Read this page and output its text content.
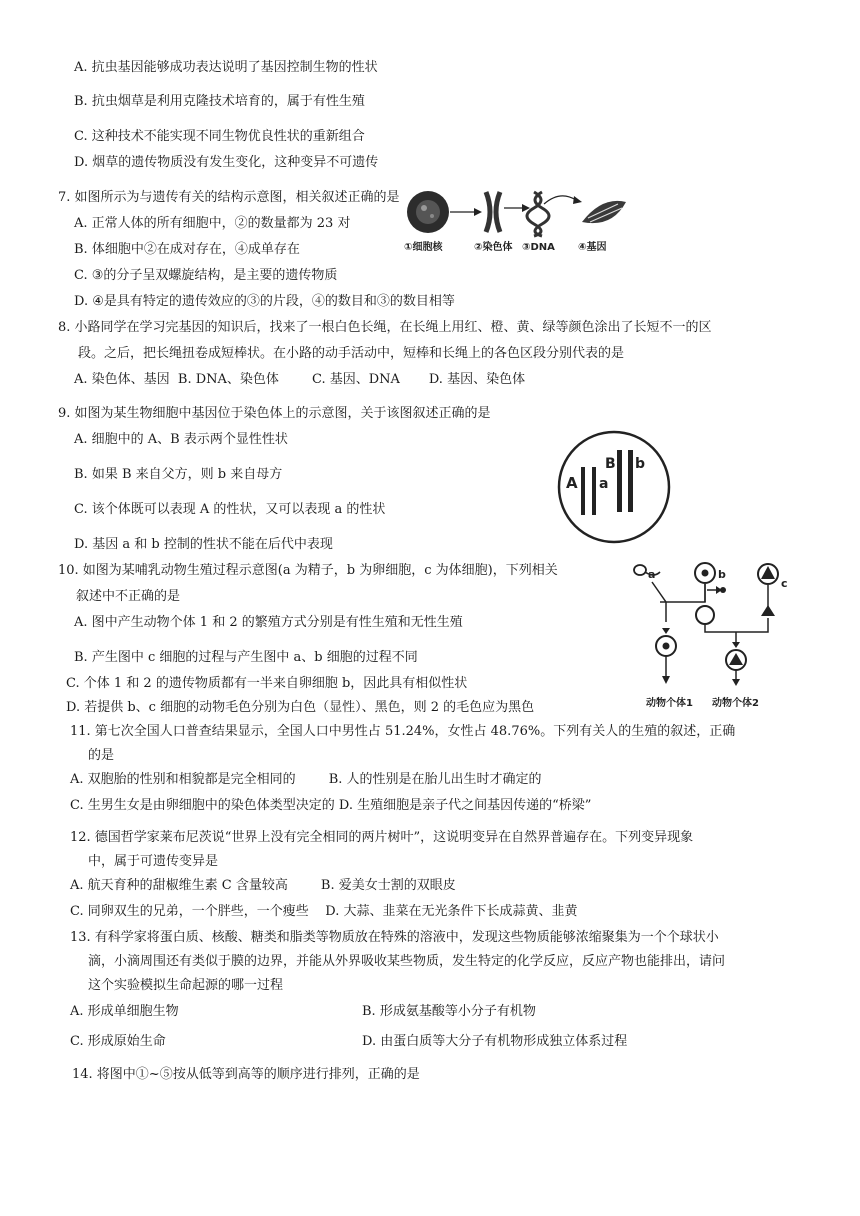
A. 抗虫基因能够成功表达说明了基因控制生物的性状
B. 抗虫烟草是利用克隆技术培育的，属于有性生殖
C. 这种技术不能实现不同生物优良性状的重新组合
D. 烟草的遗传物质没有发生变化，这种变异不可遗传
7. 如图所示为与遗传有关的结构示意图，相关叙述正确的是
A. 正常人体的所有细胞中，②的数量都为 23 对
B. 体细胞中②在成对存在，④成单存在
C. ③的分子呈双螺旋结构，是主要的遗传物质
D. ④是具有特定的遗传效应的③的片段，④的数目和③的数目相等
①细胞核	②染色体 ③DNA ④基因
8. 小路同学在学习完基因的知识后，找来了一根白色长绳，在长绳上用红、橙、黄、绿等颜色涂出了长短不一的区
段。之后，把长绳扭卷成短棒状。在小路的动手活动中，短棒和长绳上的各色区段分别代表的是
A. 染色体、基因  B. DNA、染色体        C. 基因、DNA       D. 基因、染色体
9. 如图为某生物细胞中基因位于染色体上的示意图，关于该图叙述正确的是
A. 细胞中的 A、B 表示两个显性性状
B. 如果 B 来自父方，则 b 来自母方
C. 该个体既可以表现 A 的性状，又可以表现 a 的性状
D. 基因 a 和 b 控制的性状不能在后代中表现
A a
B b
10. 如图为某哺乳动物生殖过程示意图(a 为精子，b 为卵细胞，c 为体细胞)，下列相关
叙述中不正确的是
A. 图中产生动物个体 1 和 2 的繁殖方式分别是有性生殖和无性生殖
B. 产生图中 c 细胞的过程与产生图中 a、b 细胞的过程不同
C. 个体 1 和 2 的遗传物质都有一半来自卵细胞 b，因此具有相似性状
D. 若提供 b、c 细胞的动物毛色分别为白色（显性）、黑色，则 2 的毛色应为黑色
a	b
c
动物个体1 动物个体2
11. 第七次全国人口普查结果显示，全国人口中男性占 51.24%，女性占 48.76%。下列有关人的生殖的叙述，正确
的是
A. 双胞胎的性别和相貌都是完全相同的        B. 人的性别是在胎儿出生时才确定的
C. 生男生女是由卵细胞中的染色体类型决定的 D. 生殖细胞是亲子代之间基因传递的“桥梁”
12. 德国哲学家莱布尼茨说“世界上没有完全相同的两片树叶”，这说明变异在自然界普遍存在。下列变异现象
中，属于可遗传变异是
A. 航天育种的甜椒维生素 C 含量较高        B. 爱美女士割的双眼皮
C. 同卵双生的兄弟，一个胖些，一个瘦些    D. 大蒜、韭菜在无光条件下长成蒜黄、韭黄
13. 有科学家将蛋白质、核酸、糖类和脂类等物质放在特殊的溶液中，发现这些物质能够浓缩聚集为一个个球状小
滴，小滴周围还有类似于膜的边界，并能从外界吸收某些物质，发生特定的化学反应，反应产物也能排出，请问
这个实验模拟生命起源的哪一过程
A. 形成单细胞生物	B. 形成氨基酸等小分子有机物
C. 形成原始生命	D. 由蛋白质等大分子有机物形成独立体系过程
14. 将图中①~⑤按从低等到高等的顺序进行排列，正确的是
